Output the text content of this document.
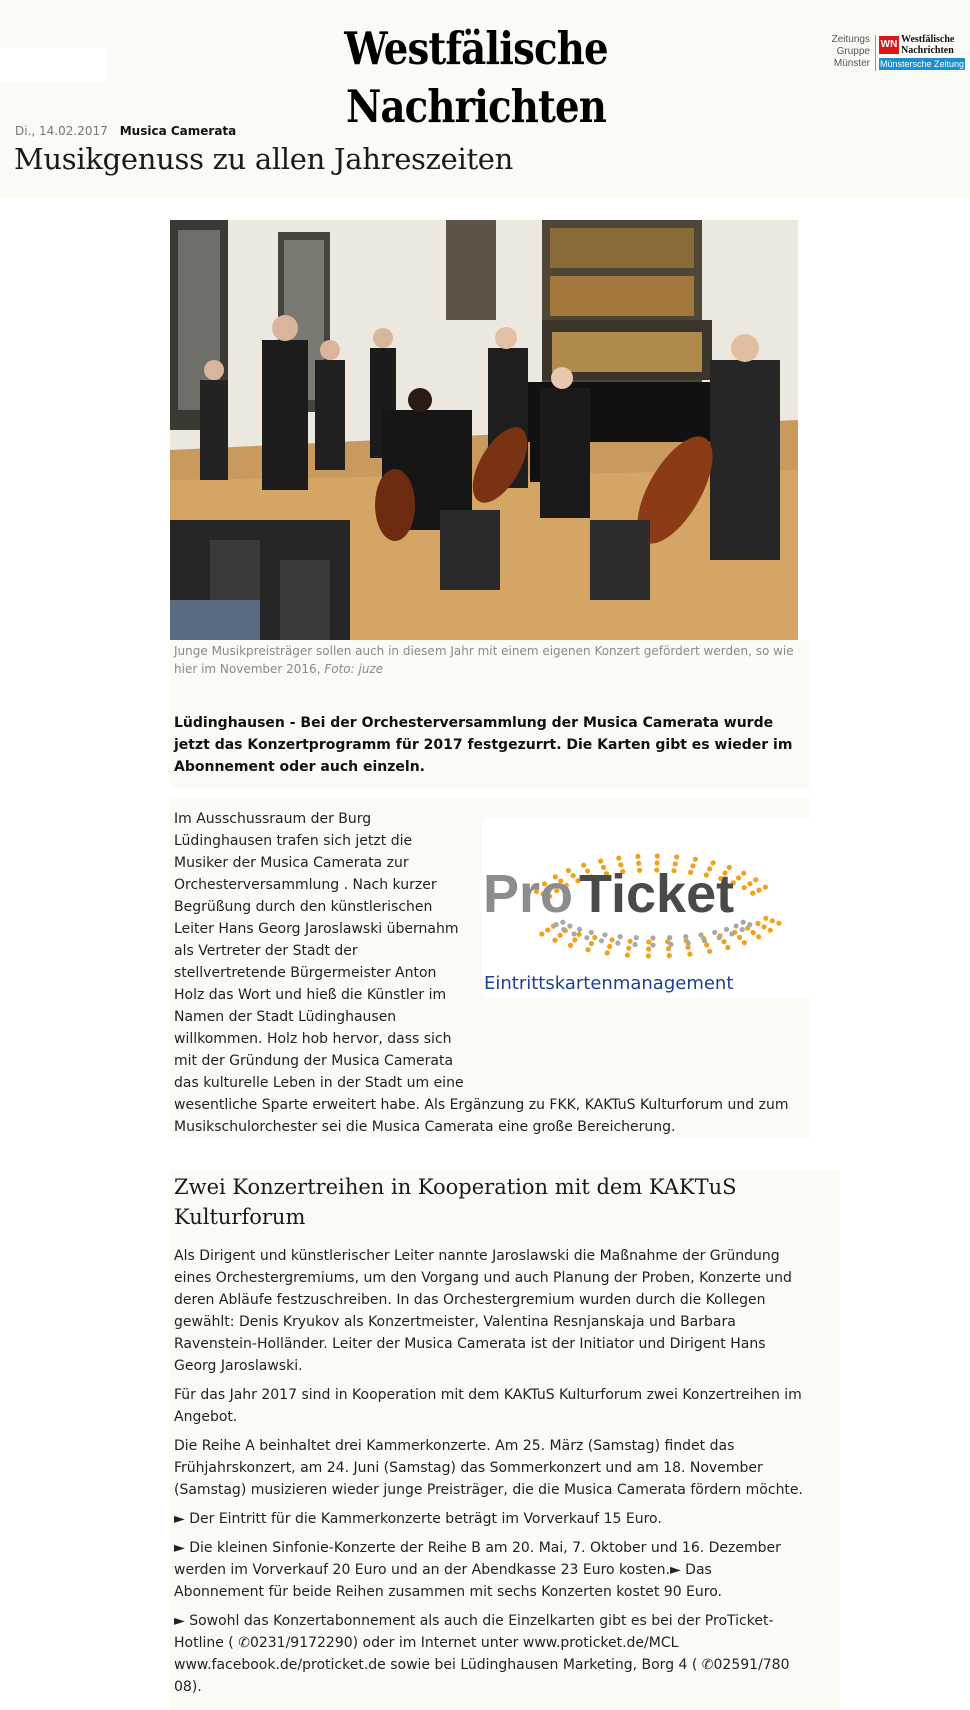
Westfälische Nachrichten
Zeitungs Gruppe Münster
WN Westfälische Nachrichten
Münstersche Zeitung
Di., 14.02.2017 Musica Camerata
Musikgenuss zu allen Jahreszeiten
Junge Musikpreisträger sollen auch in diesem Jahr mit einem eigenen Konzert gefördert werden, so wie hier im November 2016, Foto: juze

Lüdinghausen - Bei der Orchesterversammlung der Musica Camerata wurde jetzt das Konzertprogramm für 2017 festgezurrt. Die Karten gibt es wieder im Abonnement oder auch einzeln.

Im Ausschussraum der Burg Lüdinghausen trafen sich jetzt die Musiker der Musica Camerata zur Orchesterversammlung . Nach kurzer Begrüßung durch den künstlerischen Leiter Hans Georg Jaroslawski übernahm als Vertreter der Stadt der stellvertretende Bürgermeister Anton Holz das Wort und hieß die Künstler im Namen der Stadt Lüdinghausen willkommen. Holz hob hervor, dass sich mit der Gründung der Musica Camerata das kulturelle Leben in der Stadt um eine wesentliche Sparte erweitert habe. Als Ergänzung zu FKK, KAKTuS Kulturforum und zum Musikschulorchester sei die Musica Camerata eine große Bereicherung.

Pro Ticket
Eintrittskartenmanagement
Zwei Konzertreihen in Kooperation mit dem KAKTuS Kulturforum

Als Dirigent und künstlerischer Leiter nannte Jaroslawski die Maßnahme der Gründung eines Orchestergremiums, um den Vorgang und auch Planung der Proben, Konzerte und deren Abläufe festzuschreiben. In das Orchestergremium wurden durch die Kollegen gewählt: Denis Kryukov als Konzertmeister, Valentina Resnjanskaja und Barbara Ravenstein-Holländer. Leiter der Musica Camerata ist der Initiator und Dirigent Hans Georg Jaroslawski.

Für das Jahr 2017 sind in Kooperation mit dem KAKTuS Kulturforum zwei Konzertreihen im Angebot.

Die Reihe A beinhaltet drei Kammerkonzerte. Am 25. März (Samstag) findet das Frühjahrskonzert, am 24. Juni (Samstag) das Sommerkonzert und am 18. November (Samstag) musizieren wieder junge Preisträger, die die Musica Camerata fördern möchte.

► Der Eintritt für die Kammerkonzerte beträgt im Vorverkauf 15 Euro.

► Die kleinen Sinfonie-Konzerte der Reihe B am 20. Mai, 7. Oktober und 16. Dezember werden im Vorverkauf 20 Euro und an der Abendkasse 23 Euro kosten.► Das Abonnement für beide Reihen zusammen mit sechs Konzerten kostet 90 Euro.

► Sowohl das Konzertabonnement als auch die Einzelkarten gibt es bei der ProTicket-Hotline ( ✆0231/9172290) oder im Internet unter www.proticket.de/MCL www.facebook.de/proticket.de sowie bei Lüdinghausen Marketing, Borg 4 ( ✆02591/780 08).
